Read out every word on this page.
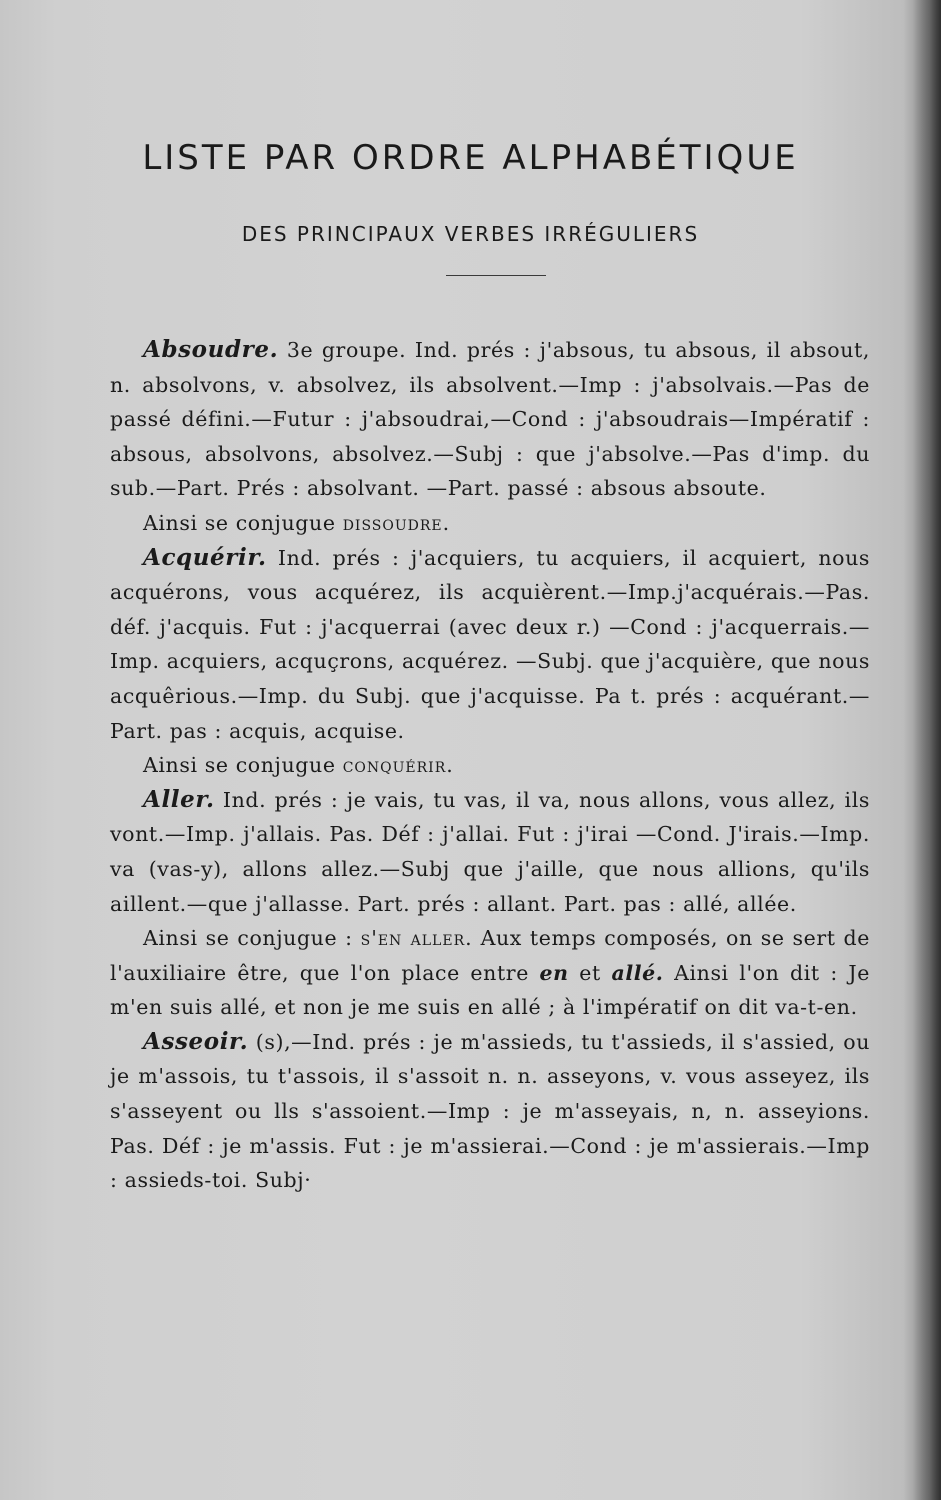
LISTE PAR ORDRE ALPHABÉTIQUE
DES PRINCIPAUX VERBES IRRÉGULIERS

Absoudre. 3e groupe. Ind. prés : j'absous, tu absous, il absout, n. absolvons, v. absolvez, ils absolvent.—Imp : j'absolvais.—Pas de passé défini.—Futur : j'absoudrai,—Cond : j'absoudrais—Impératif : absous, absolvons, absolvez.—Subj : que j'absolve.—Pas d'imp. du sub.—Part. Prés : absolvant. —Part. passé : absous absoute.

Ainsi se conjugue dissoudre.

Acquérir. Ind. prés : j'acquiers, tu acquiers, il acquiert, nous acquérons, vous acquérez, ils acquièrent.—Imp.j'acquérais.—Pas. déf. j'acquis. Fut : j'acquerrai (avec deux r.) —Cond : j'acquerrais.—Imp. acquiers, acquçrons, acquérez. —Subj. que j'acquière, que nous acquêrious.—Imp. du Subj. que j'acquisse. Pa t. prés : acquérant.—Part. pas : acquis, acquise.

Ainsi se conjugue conquérir.

Aller. Ind. prés : je vais, tu vas, il va, nous allons, vous allez, ils vont.—Imp. j'allais. Pas. Déf : j'allai. Fut : j'irai —Cond. J'irais.—Imp. va (vas-y), allons allez.—Subj que j'aille, que nous allions, qu'ils aillent.—que j'allasse. Part. prés : allant. Part. pas : allé, allée.

Ainsi se conjugue : s'en aller. Aux temps composés, on se sert de l'auxiliaire être, que l'on place entre en et allé. Ainsi l'on dit : Je m'en suis allé, et non je me suis en allé ; à l'impératif on dit va-t-en.

Asseoir. (s),—Ind. prés : je m'assieds, tu t'assieds, il s'assied, ou je m'assois, tu t'assois, il s'assoit n. n. asseyons, v. vous asseyez, ils s'asseyent ou lls s'assoient.—Imp : je m'asseyais, n, n. asseyions. Pas. Déf : je m'assis. Fut : je m'assierai.—Cond : je m'assierais.—Imp : assieds-toi. Subj·
